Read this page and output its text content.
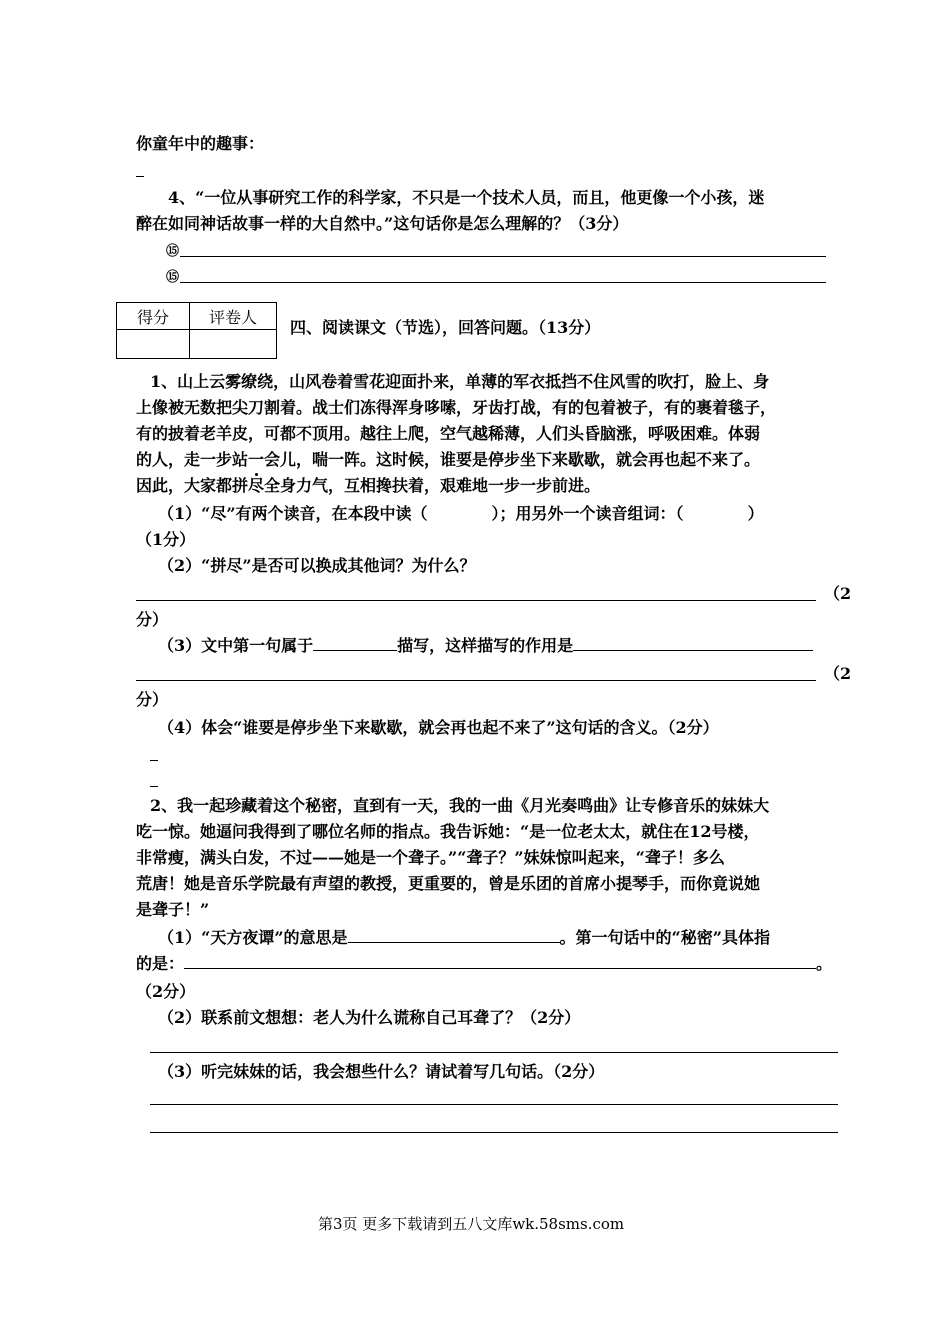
你童年中的趣事：
4、“一位从事研究工作的科学家，不只是一个技术人员，而且，他更像一个小孩，迷
醉在如同神话故事一样的大自然中。”这句话你是怎么理解的？（3分）
⑮
⑮
得分	评卷人

四、阅读课文（节选），回答问题。（13分）
1、山上云雾缭绕，山风卷着雪花迎面扑来，单薄的军衣抵挡不住风雪的吹打，脸上、身
上像被无数把尖刀割着。战士们冻得浑身哆嗦，牙齿打战，有的包着被子，有的裹着毯子，
有的披着老羊皮，可都不顶用。越往上爬，空气越稀薄，人们头昏脑涨，呼吸困难。体弱
的人，走一步站一会儿，喘一阵。这时候，谁要是停步坐下来歇歇，就会再也起不来了。
因此，大家都拼尽全身力气，互相搀扶着，艰难地一步一步前进。
（1）“尽”有两个读音，在本段中读（	）；用另外一个读音组词：（	）
（1分）
（2）“拼尽”是否可以换成其他词？为什么？
（2
分）
（3）文中第一句属于	描写，这样描写的作用是
（2
分）
（4）体会“谁要是停步坐下来歇歇，就会再也起不来了”这句话的含义。（2分）
2、我一起珍藏着这个秘密，直到有一天，我的一曲《月光奏鸣曲》让专修音乐的妹妹大
吃一惊。她逼问我得到了哪位名师的指点。我告诉她：“是一位老太太，就住在12号楼，
非常瘦，满头白发，不过——她是一个聋子。”“聋子？”妹妹惊叫起来，“聋子！多么
荒唐！她是音乐学院最有声望的教授，更重要的，曾是乐团的首席小提琴手，而你竟说她
是聋子！”
（1）“天方夜谭”的意思是	。第一句话中的“秘密”具体指
的是：	。
（2分）
（2）联系前文想想：老人为什么谎称自己耳聋了？（2分）
（3）听完妹妹的话，我会想些什么？请试着写几句话。（2分）
第3页 更多下载请到五八文库wk.58sms.com
